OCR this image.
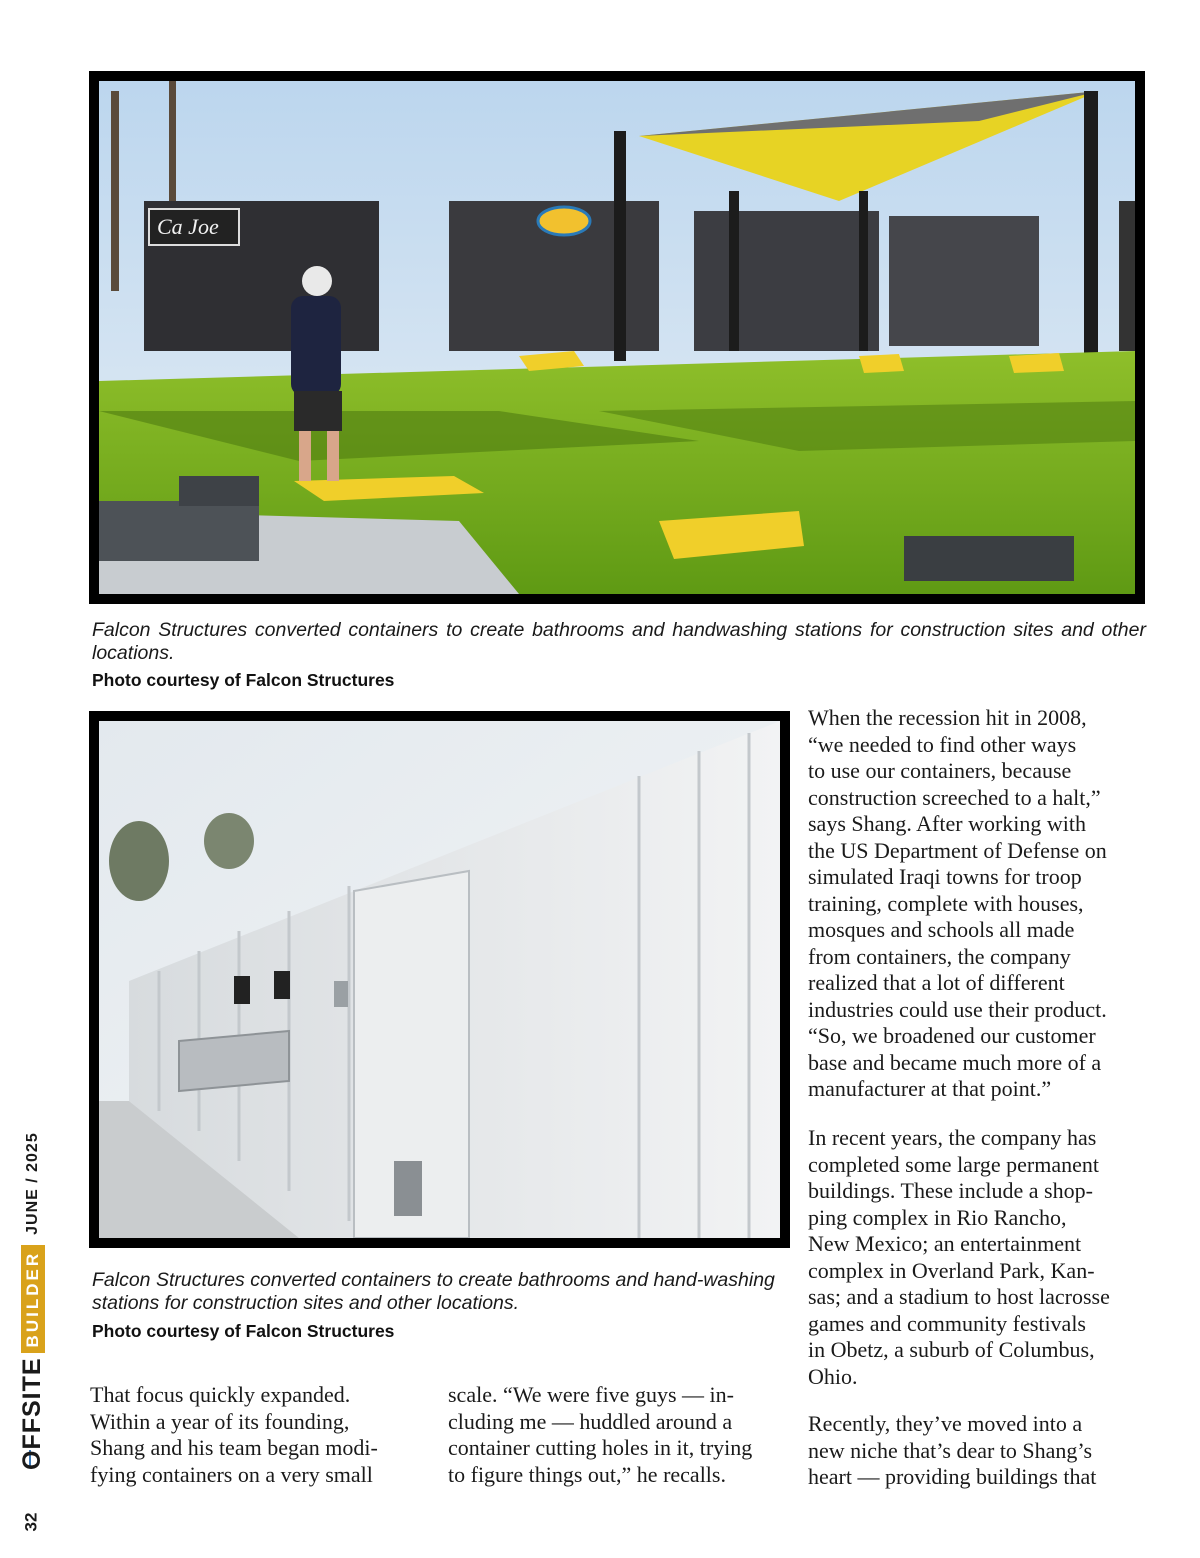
Ca Joe

Falcon Structures converted containers to create bathrooms and handwashing stations for construction sites and other locations.

Photo courtesy of Falcon Structures

Falcon Structures converted containers to create bathrooms and hand-washing stations for construction sites and other locations.

Photo courtesy of Falcon Structures

When the recession hit in 2008,
“we needed to find other ways
to use our containers, because
construction screeched to a halt,”
says Shang. After working with
the US Department of Defense on
simulated Iraqi towns for troop
training, complete with houses,
mosques and schools all made
from containers, the company
realized that a lot of different
industries could use their product.
“So, we broadened our customer
base and became much more of a
manufacturer at that point.”
In recent years, the company has
completed some large permanent
buildings. These include a shop-
ping complex in Rio Rancho,
New Mexico; an entertainment
complex in Overland Park, Kan-
sas; and a stadium to host lacrosse
games and community festivals
in Obetz, a suburb of Columbus,
Ohio.
Recently, they’ve moved into a
new niche that’s dear to Shang’s
heart — providing buildings that
That focus quickly expanded.
Within a year of its founding,
Shang and his team began modi-
fying containers on a very small
scale. “We were five guys — in-
cluding me — huddled around a
container cutting holes in it, trying
to figure things out,” he recalls.
OFFSITE
BUILDER
JUNE / 2025
32
